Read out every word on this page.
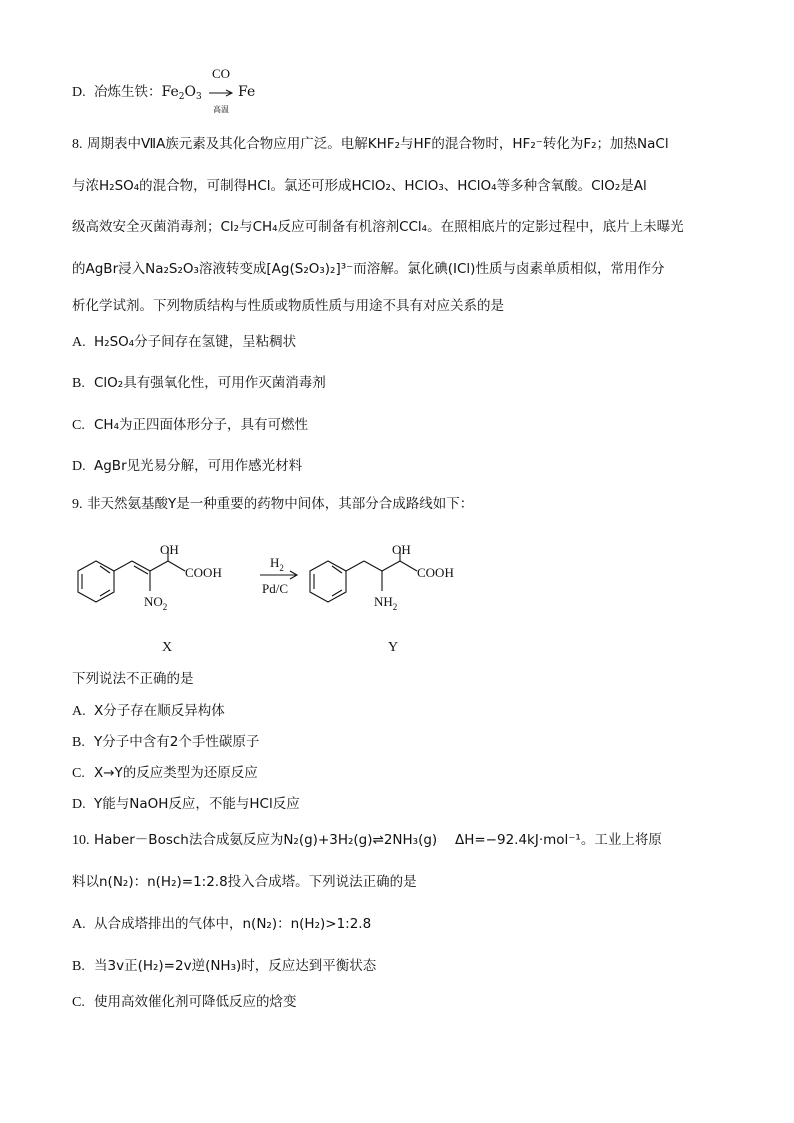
D. 冶炼生铁：$Fe_2O_3$
CO
高温
Fe
8. 周期表中ⅦA族元素及其化合物应用广泛。电解KHF₂与HF的混合物时，HF₂⁻转化为F₂；加热NaCl
与浓H₂SO₄的混合物，可制得HCl。氯还可形成HClO₂、HClO₃、HClO₄等多种含氧酸。ClO₂是Al
级高效安全灭菌消毒剂；Cl₂与CH₄反应可制备有机溶剂CCl₄。在照相底片的定影过程中，底片上未曝光
的AgBr浸入Na₂S₂O₃溶液转变成[Ag(S₂O₃)₂]³⁻而溶解。氯化碘(ICl)性质与卤素单质相似，常用作分
析化学试剂。下列物质结构与性质或物质性质与用途不具有对应关系的是
A. H₂SO₄分子间存在氢键，呈粘稠状
B. ClO₂具有强氧化性，可用作灭菌消毒剂
C. CH₄为正四面体形分子，具有可燃性
D. AgBr见光易分解，可用作感光材料
9. 非天然氨基酸Y是一种重要的药物中间体，其部分合成路线如下：
OH
COOH
$NO_2$
X
$H_2$
Pd/C
OH
COOH
$NH_2$
Y
下列说法不正确的是
A. X分子存在顺反异构体
B. Y分子中含有2个手性碳原子
C. X→Y的反应类型为还原反应
D. Y能与NaOH反应，不能与HCl反应
10. Haber－Bosch法合成氨反应为N₂(g)+3H₂(g)⇌2NH₃(g)　 ΔH=−92.4kJ·mol⁻¹。工业上将原
料以n(N₂)：n(H₂)=1:2.8投入合成塔。下列说法正确的是
A. 从合成塔排出的气体中，n(N₂)：n(H₂)>1:2.8
B. 当3v正(H₂)=2v逆(NH₃)时，反应达到平衡状态
C. 使用高效催化剂可降低反应的焓变
